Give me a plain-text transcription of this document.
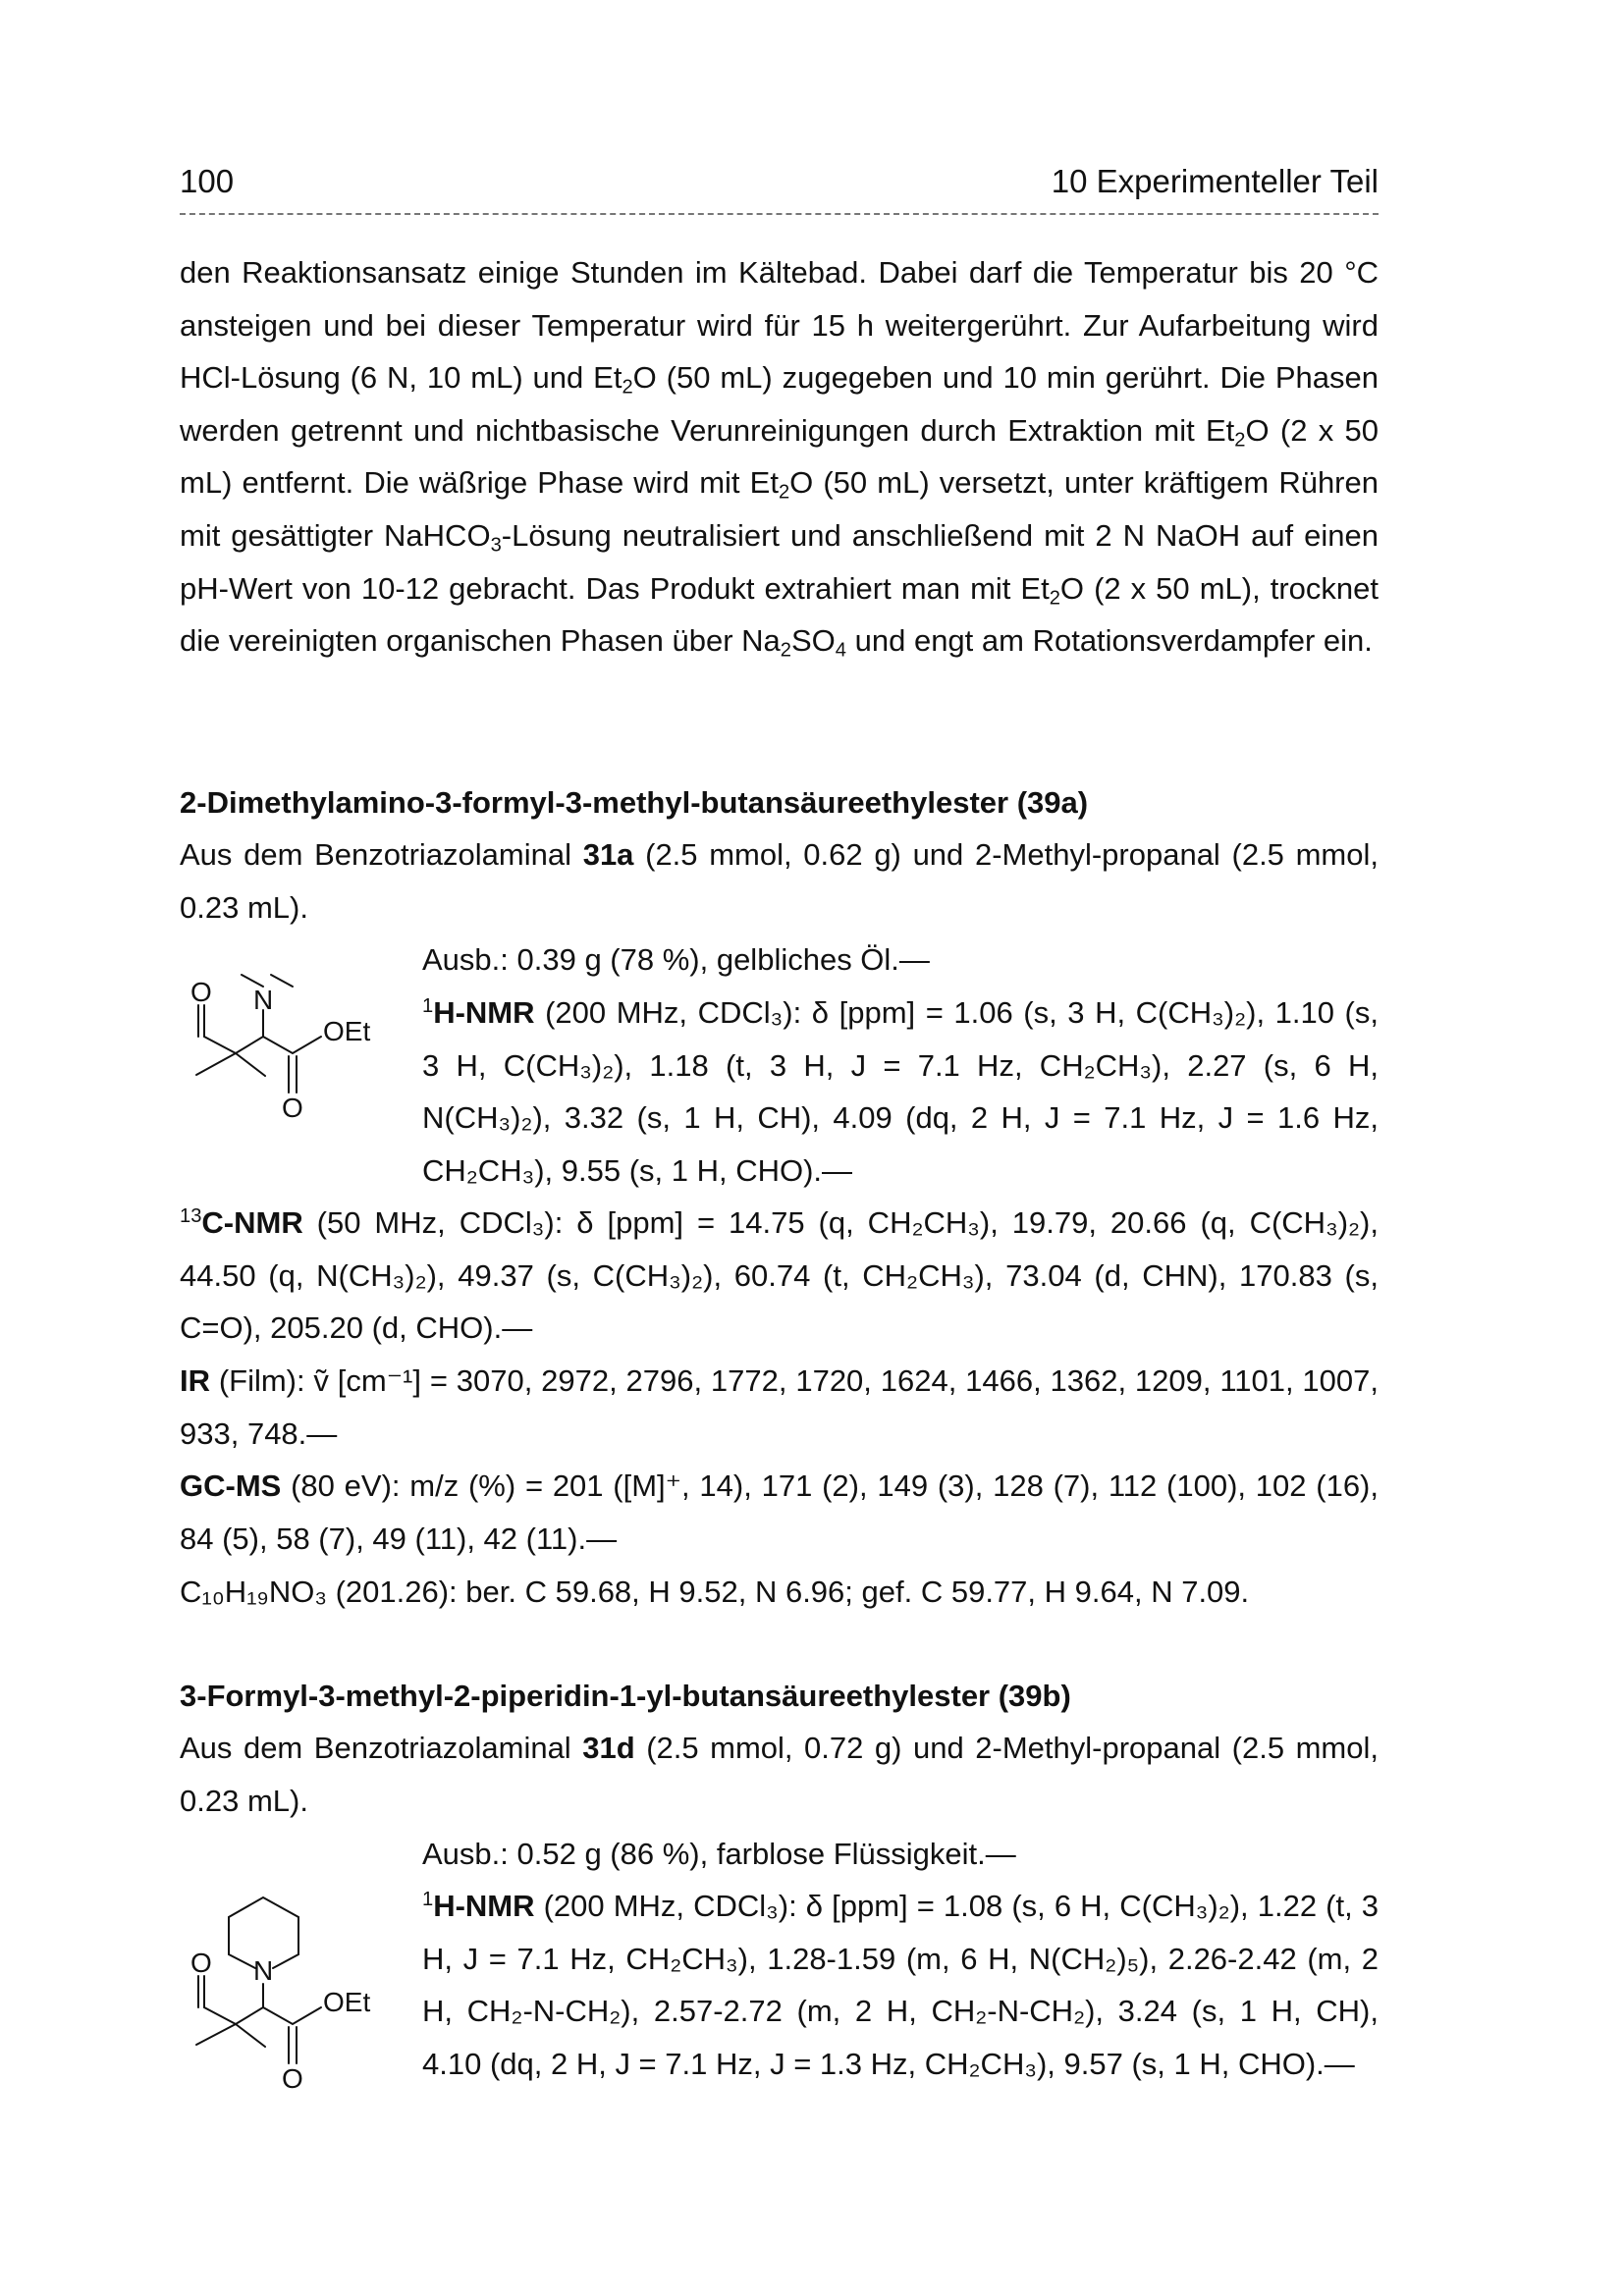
100	10 Experimenteller Teil
den Reaktionsansatz einige Stunden im Kältebad. Dabei darf die Temperatur bis 20 °C ansteigen und bei dieser Temperatur wird für 15 h weitergerührt. Zur Aufarbeitung wird HCl-Lösung (6 N, 10 mL) und $Et_2O$ (50 mL) zugegeben und 10 min gerührt. Die Phasen werden getrennt und nichtbasische Verunreinigungen durch Extraktion mit $Et_2O$ (2 x 50 mL) entfernt. Die wäßrige Phase wird mit $Et_2O$ (50 mL) versetzt, unter kräftigem Rühren mit gesättigter NaHCO$_3$-Lösung neutralisiert und anschließend mit 2 N NaOH auf einen pH-Wert von 10-12 gebracht. Das Produkt extrahiert man mit $Et_2O$ (2 x 50 mL), trocknet die vereinigten organischen Phasen über $Na_2SO_4$ und engt am Rotationsverdampfer ein.
2-Dimethylamino-3-formyl-3-methyl-butansäureethylester (39a)
Aus dem Benzotriazolaminal 31a (2.5 mmol, 0.62 g) und 2-Methyl-propanal (2.5 mmol, 0.23 mL).
O N
OEt
O
Ausb.: 0.39 g (78 %), gelbliches Öl.—
$^1$H-NMR (200 MHz, CDCl₃): δ [ppm] = 1.06 (s, 3 H, C(CH₃)₂), 1.10 (s, 3 H, C(CH₃)₂), 1.18 (t, 3 H, J = 7.1 Hz, CH₂CH₃), 2.27 (s, 6 H, N(CH₃)₂), 3.32 (s, 1 H, CH), 4.09 (dq, 2 H, J = 7.1 Hz, J = 1.6 Hz, CH₂CH₃), 9.55 (s, 1 H, CHO).—
$^{13}$C-NMR (50 MHz, CDCl₃): δ [ppm] = 14.75 (q, CH₂CH₃), 19.79, 20.66 (q, C(CH₃)₂), 44.50 (q, N(CH₃)₂), 49.37 (s, C(CH₃)₂), 60.74 (t, CH₂CH₃), 73.04 (d, CHN), 170.83 (s, C=O), 205.20 (d, CHO).—
IR (Film): ṽ [cm⁻¹] = 3070, 2972, 2796, 1772, 1720, 1624, 1466, 1362, 1209, 1101, 1007, 933, 748.—
GC-MS (80 eV): m/z (%) = 201 ([M]⁺, 14), 171 (2), 149 (3), 128 (7), 112 (100), 102 (16), 84 (5), 58 (7), 49 (11), 42 (11).—
C₁₀H₁₉NO₃ (201.26): ber. C 59.68, H 9.52, N 6.96; gef. C 59.77, H 9.64, N 7.09.
3-Formyl-3-methyl-2-piperidin-1-yl-butansäureethylester (39b)
Aus dem Benzotriazolaminal 31d (2.5 mmol, 0.72 g) und 2-Methyl-propanal (2.5 mmol, 0.23 mL).
O N
OEt
O
Ausb.: 0.52 g (86 %), farblose Flüssigkeit.—
$^1$H-NMR (200 MHz, CDCl₃): δ [ppm] = 1.08 (s, 6 H, C(CH₃)₂), 1.22 (t, 3 H, J = 7.1 Hz, CH₂CH₃), 1.28-1.59 (m, 6 H, N(CH₂)₅), 2.26-2.42 (m, 2 H, CH₂-N-CH₂), 2.57-2.72 (m, 2 H, CH₂-N-CH₂), 3.24 (s, 1 H, CH), 4.10 (dq, 2 H, J = 7.1 Hz, J = 1.3 Hz, CH₂CH₃), 9.57 (s, 1 H, CHO).—
